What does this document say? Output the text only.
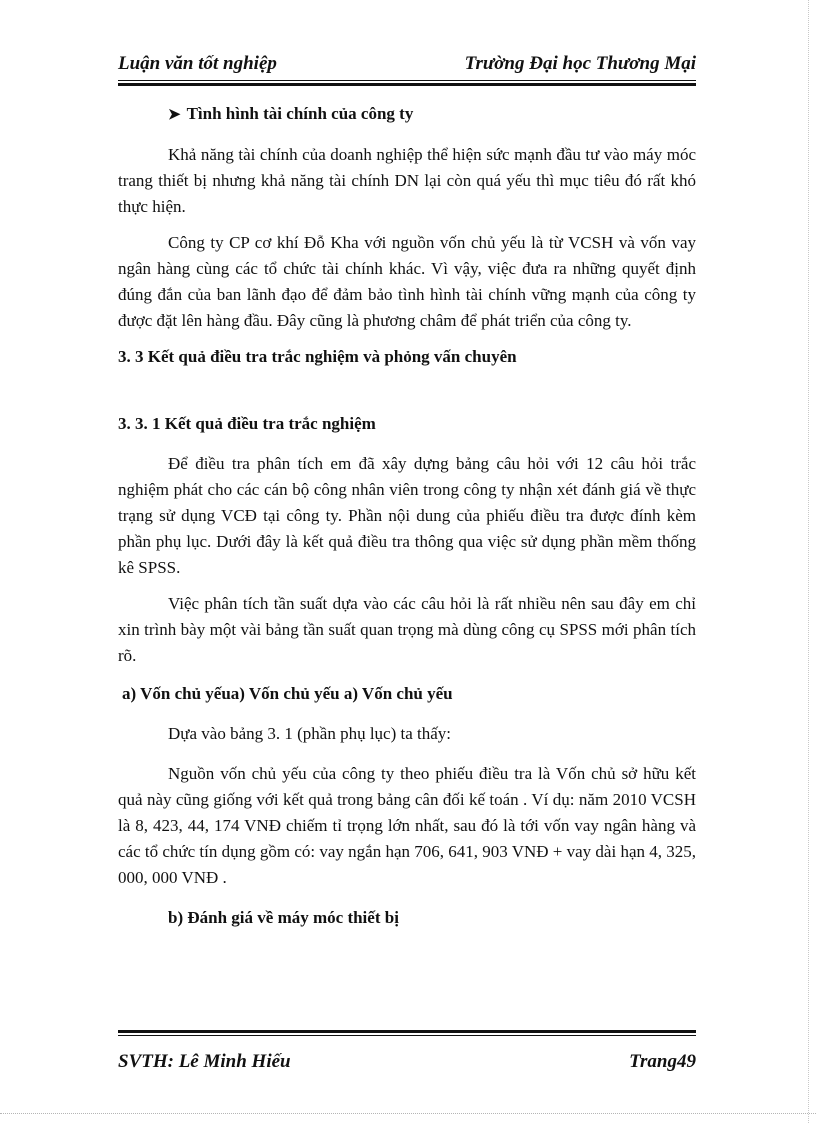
Luận văn tốt nghiệp	Trường Đại học Thương Mại

➤ Tình hình tài chính của công ty

Khả năng tài chính của doanh nghiệp thể hiện sức mạnh đầu tư vào máy móc trang thiết bị nhưng khả năng tài chính DN lại còn quá yếu thì mục tiêu đó rất khó thực hiện.

Công ty CP cơ khí Đỗ Kha với nguồn vốn chủ yếu là từ VCSH và vốn vay ngân hàng cùng các tổ chức tài chính khác. Vì vậy, việc đưa ra những quyết định đúng đắn của ban lãnh đạo để đảm bảo tình hình tài chính vững mạnh của công ty được đặt lên hàng đầu. Đây cũng là phương châm để phát triển của công ty.

3. 3 Kết quả điều tra trắc nghiệm và phỏng vấn chuyên

3. 3. 1 Kết quả điều tra trắc nghiệm

Để điều tra phân tích em đã xây dựng bảng câu hỏi với 12 câu hỏi trắc nghiệm phát cho các cán bộ công nhân viên trong công ty nhận xét đánh giá về thực trạng sử dụng VCĐ tại công ty. Phần nội dung của phiếu điều tra được đính kèm phần phụ lục. Dưới đây là kết quả điều tra thông qua việc sử dụng phần mềm thống kê SPSS.

Việc phân tích tần suất dựa vào các câu hỏi là rất nhiều nên sau đây em chỉ xin trình bày một vài bảng tần suất quan trọng mà dùng công cụ SPSS mới phân tích rõ.

a) Vốn chủ yếua) Vốn chủ yếu a) Vốn chủ yếu

Dựa vào bảng 3. 1 (phần phụ lục) ta thấy:

Nguồn vốn chủ yếu của công ty theo phiếu điều tra là Vốn chủ sở hữu kết quả này cũng giống với kết quả trong bảng cân đối kế toán . Ví dụ: năm 2010 VCSH là 8, 423, 44, 174 VNĐ chiếm tỉ trọng lớn nhất, sau đó là tới vốn vay ngân hàng và các tổ chức tín dụng gồm có: vay ngắn hạn 706, 641, 903 VNĐ + vay dài hạn 4, 325, 000, 000 VNĐ .

b) Đánh giá về máy móc thiết bị

SVTH: Lê Minh Hiếu	Trang49
